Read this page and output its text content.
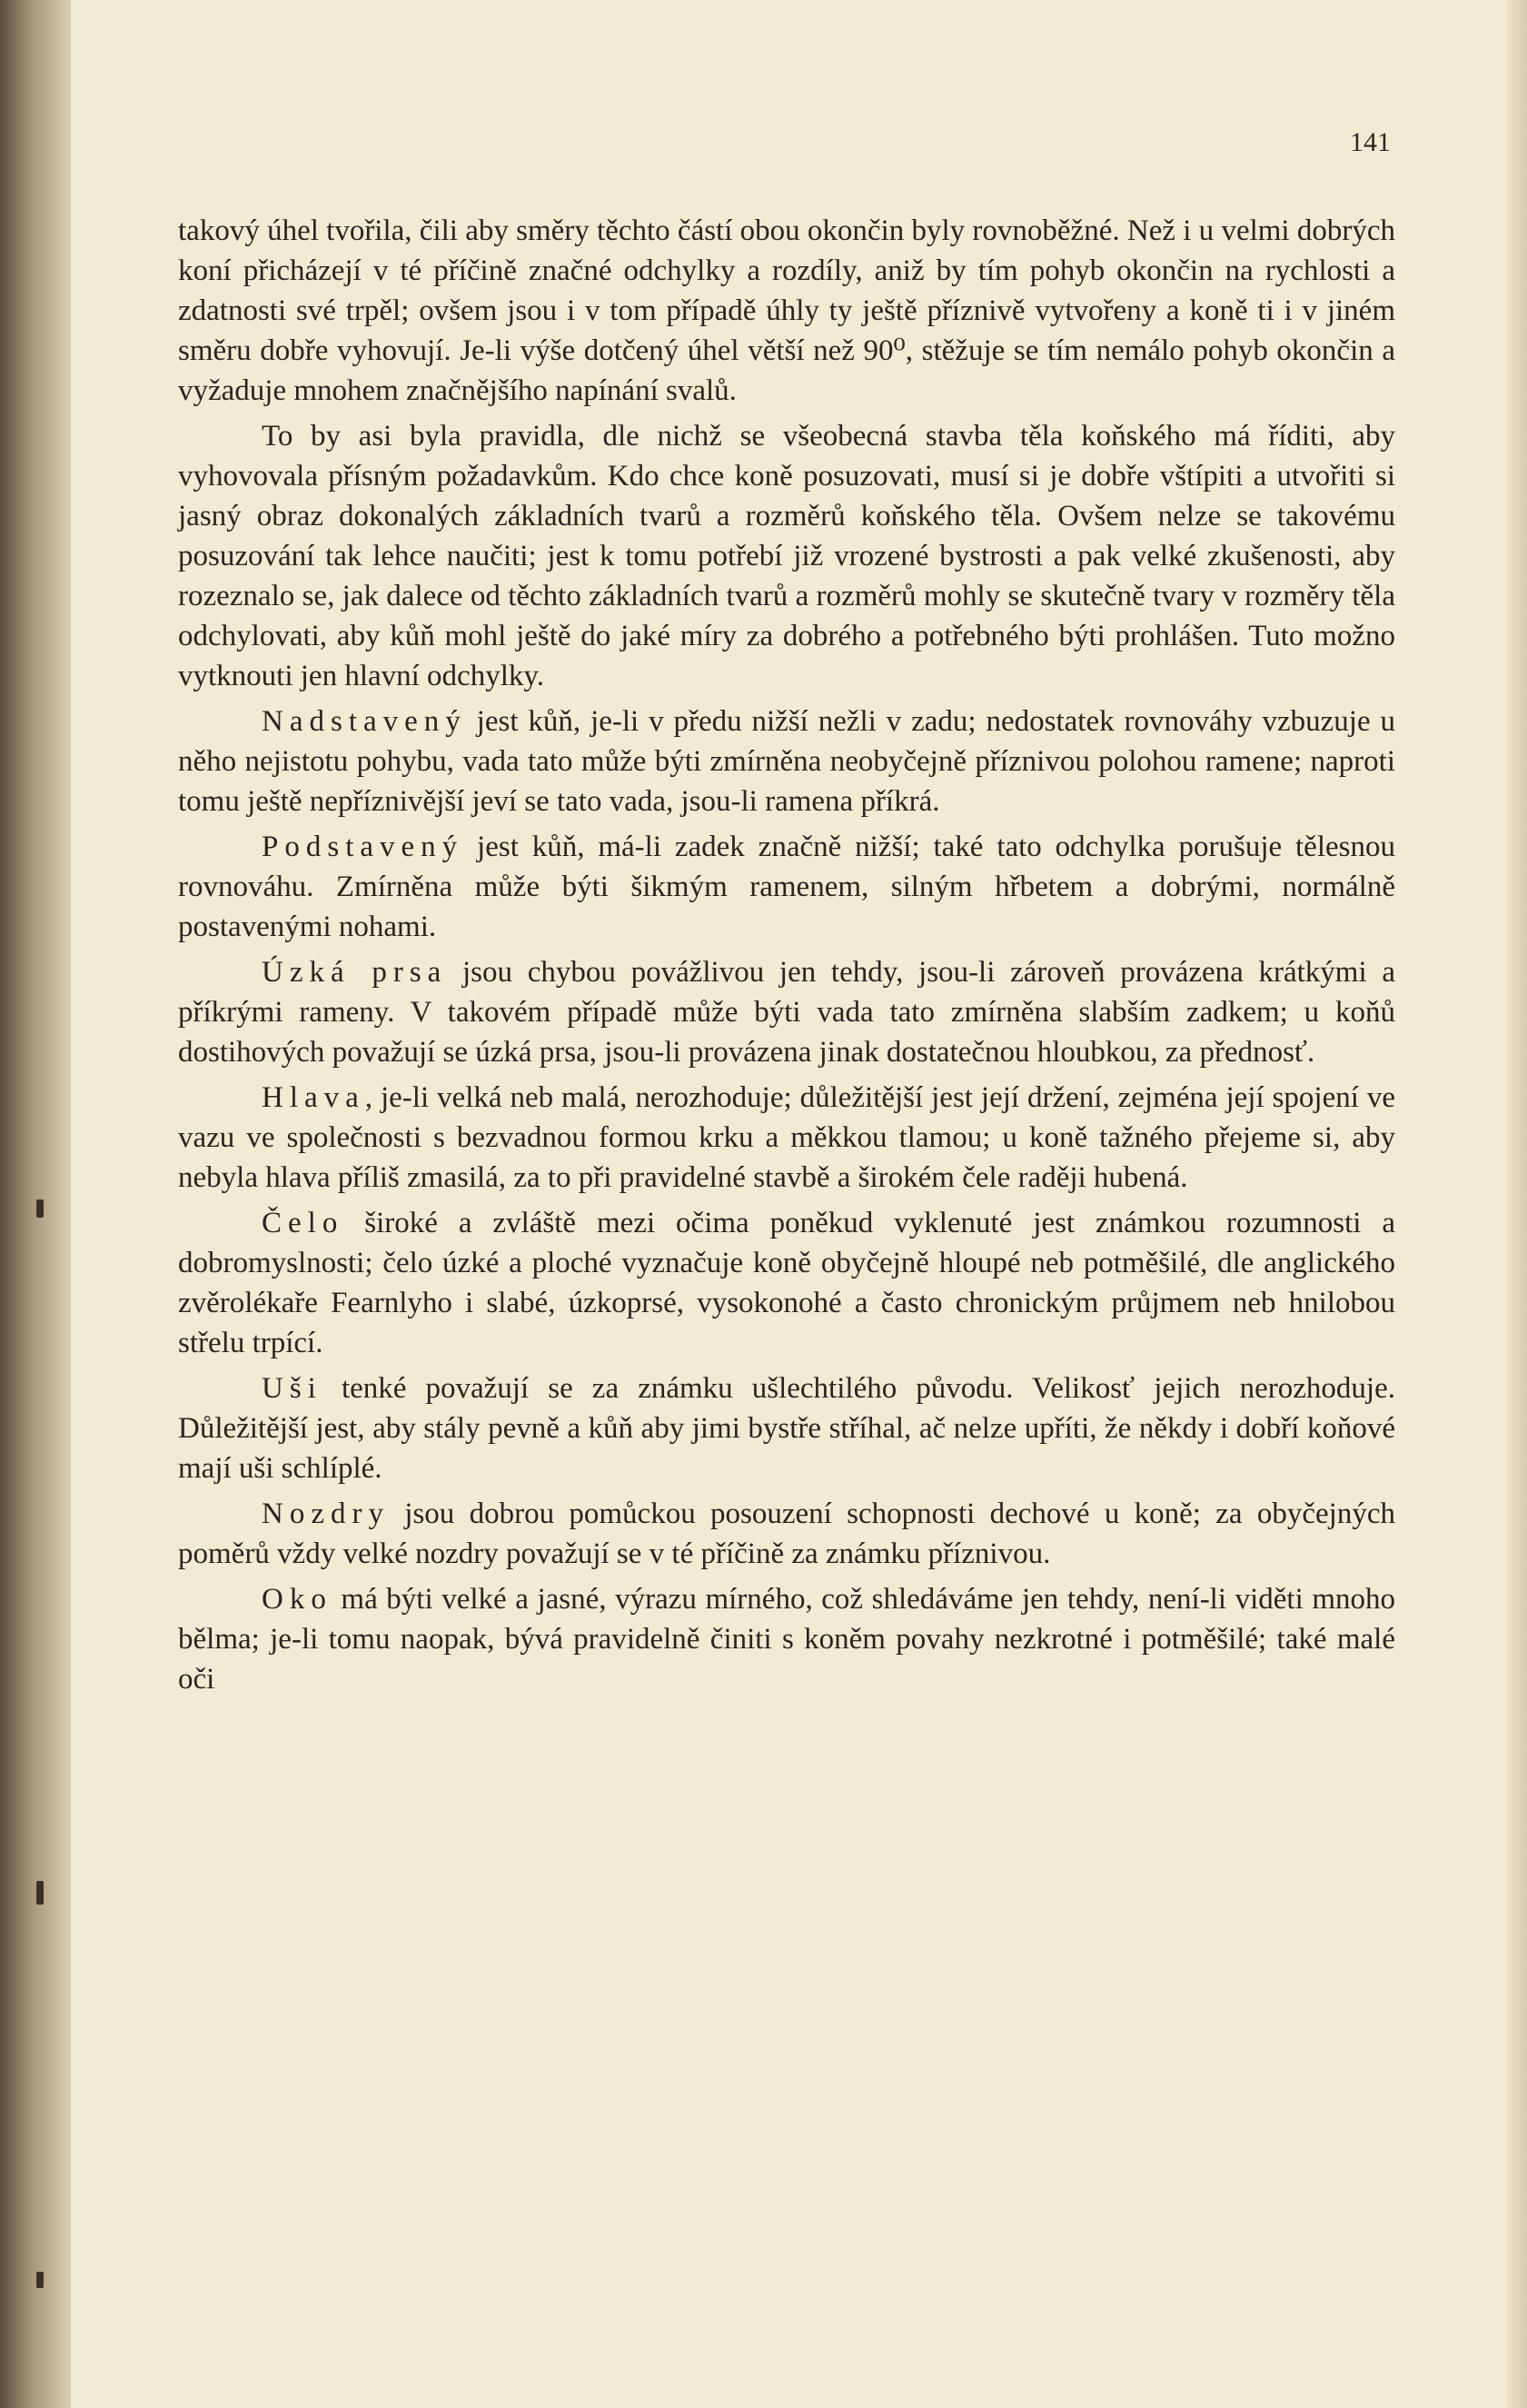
141

takový úhel tvořila, čili aby směry těchto částí obou okončin byly rovnoběžné. Než i u velmi dobrých koní přicházejí v té příčině značné odchylky a rozdíly, aniž by tím pohyb okončin na rychlosti a zdatnosti své trpěl; ovšem jsou i v tom případě úhly ty ještě příznivě vytvořeny a koně ti i v jiném směru dobře vyhovují. Je-li výše dotčený úhel větší než 90⁰, stěžuje se tím nemálo pohyb okončin a vyžaduje mnohem značnějšího napínání svalů.

To by asi byla pravidla, dle nichž se všeobecná stavba těla koňského má říditi, aby vyhovovala přísným požadavkům. Kdo chce koně posuzovati, musí si je dobře vštípiti a utvořiti si jasný obraz dokonalých základních tvarů a rozměrů koňského těla. Ovšem nelze se takovému posuzování tak lehce naučiti; jest k tomu potřebí již vrozené bystrosti a pak velké zkušenosti, aby rozeznalo se, jak dalece od těchto základních tvarů a rozměrů mohly se skutečně tvary v rozměry těla odchylovati, aby kůň mohl ještě do jaké míry za dobrého a potřebného býti prohlášen. Tuto možno vytknouti jen hlavní odchylky.

Nadstavený jest kůň, je-li v předu nižší nežli v zadu; nedostatek rovnováhy vzbuzuje u něho nejistotu pohybu, vada tato může býti zmírněna neobyčejně příznivou polohou ramene; naproti tomu ještě nepříznivější jeví se tato vada, jsou-li ramena příkrá.

Podstavený jest kůň, má-li zadek značně nižší; také tato odchylka porušuje tělesnou rovnováhu. Zmírněna může býti šikmým ramenem, silným hřbetem a dobrými, normálně postavenými nohami.

Úzká prsa jsou chybou povážlivou jen tehdy, jsou-li zároveň provázena krátkými a příkrými rameny. V takovém případě může býti vada tato zmírněna slabším zadkem; u koňů dostihových považují se úzká prsa, jsou-li provázena jinak dostatečnou hloubkou, za přednosť.

Hlava, je-li velká neb malá, nerozhoduje; důležitější jest její držení, zejména její spojení ve vazu ve společnosti s bezvadnou formou krku a měkkou tlamou; u koně tažného přejeme si, aby nebyla hlava příliš zmasilá, za to při pravidelné stavbě a širokém čele raději hubená.

Čelo široké a zvláště mezi očima poněkud vyklenuté jest známkou rozumnosti a dobromyslnosti; čelo úzké a ploché vyznačuje koně obyčejně hloupé neb potměšilé, dle anglického zvěrolékaře Fearnlyho i slabé, úzkoprsé, vysokonohé a často chronickým průjmem neb hnilobou střelu trpící.

Uši tenké považují se za známku ušlechtilého původu. Velikosť jejich nerozhoduje. Důležitější jest, aby stály pevně a kůň aby jimi bystře stříhal, ač nelze upříti, že někdy i dobří koňové mají uši schlíplé.

Nozdry jsou dobrou pomůckou posouzení schopnosti dechové u koně; za obyčejných poměrů vždy velké nozdry považují se v té příčině za známku příznivou.

Oko má býti velké a jasné, výrazu mírného, což shledáváme jen tehdy, není-li viděti mnoho bělma; je-li tomu naopak, bývá pravidelně činiti s koněm povahy nezkrotné i potměšilé; také malé oči
